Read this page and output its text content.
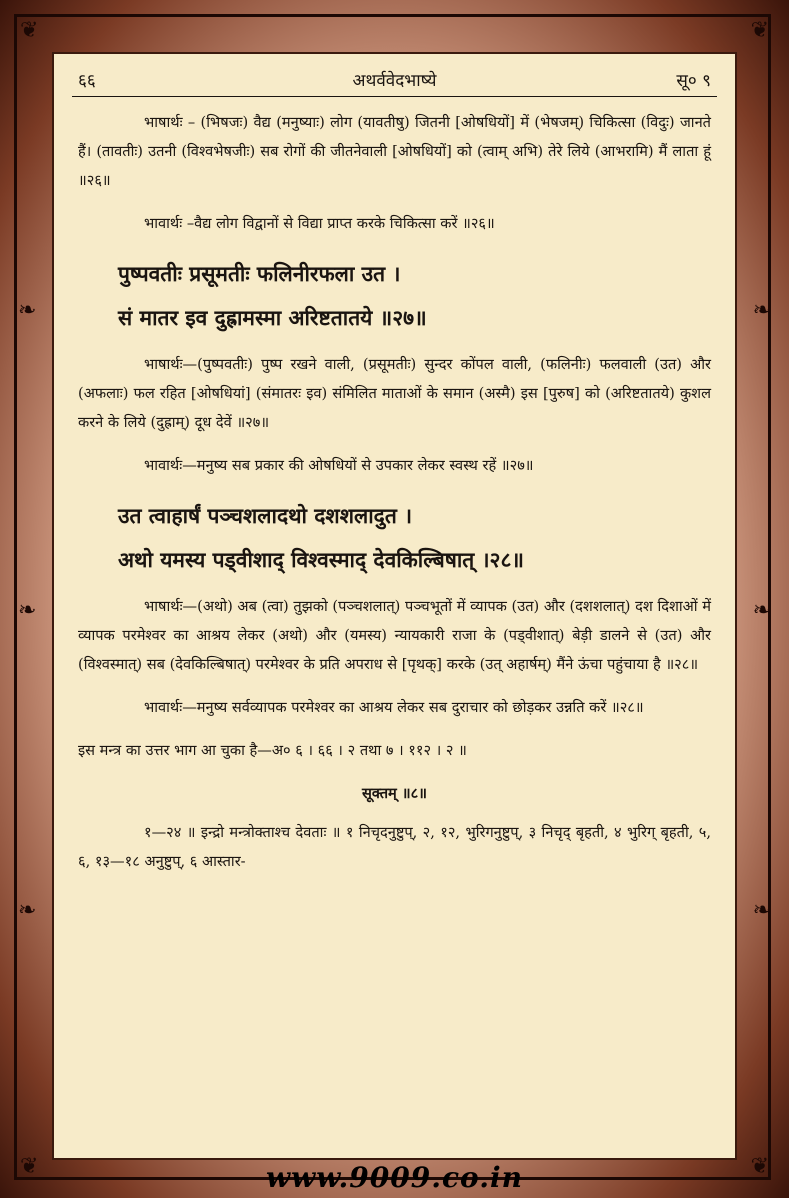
❦	❦
❦	❦
❧
❧
❧
❧
❧
❧
६६	अथर्ववेदभाष्ये	सू० ९

भाषार्थः – (भिषजः) वैद्य (मनुष्याः) लोग (यावतीषु) जितनी [ओषधियों] में (भेषजम्) चिकित्सा (विदुः) जानते हैं। (तावतीः) उतनी (विश्वभेषजीः) सब रोगों की जीतनेवाली [ओषधियों] को (त्वाम् अभि) तेरे लिये (आभरामि) मैं लाता हूं ॥२६॥

भावार्थः –वैद्य लोग विद्वानों से विद्या प्राप्त करके चिकित्सा करें ॥२६॥

पुष्पवतीः प्रसूमतीः फलिनीरफला उत ।
सं मातर इव दुह्रामस्मा अरिष्टतातये ॥२७॥

भाषार्थः—(पुष्पवतीः) पुष्प रखने वाली, (प्रसूमतीः) सुन्दर कोंपल वाली, (फलिनीः) फलवाली (उत) और (अफलाः) फल रहित [ओषधियां] (संमातरः इव) संमिलित माताओं के समान (अस्मै) इस [पुरुष] को (अरिष्टतातये) कुशल करने के लिये (दुह्राम्) दूध देवें ॥२७॥

भावार्थः—मनुष्य सब प्रकार की ओषधियों से उपकार लेकर स्वस्थ रहें ॥२७॥

उत त्वाहार्षं पञ्चशलादथो दशशलादुत ।
अथो यमस्य पड्वीशाद् विश्वस्माद् देवकिल्बिषात् ।२८॥

भाषार्थः—(अथो) अब (त्वा) तुझको (पञ्चशलात्) पञ्चभूतों में व्यापक (उत) और (दशशलात्) दश दिशाओं में व्यापक परमेश्वर का आश्रय लेकर (अथो) और (यमस्य) न्यायकारी राजा के (पड्वीशात्) बेड़ी डालने से (उत) और (विश्वस्मात्) सब (देवकिल्बिषात्) परमेश्वर के प्रति अपराध से [पृथक्] करके (उत् अहार्षम्) मैंने ऊंचा पहुंचाया है ॥२८॥

भावार्थः—मनुष्य सर्वव्यापक परमेश्वर का आश्रय लेकर सब दुराचार को छोड़कर उन्नति करें ॥२८॥

इस मन्त्र का उत्तर भाग आ चुका है—अ० ६ । ६६ । २ तथा ७ । ११२ । २ ॥

सूक्तम् ॥८॥

१—२४ ॥ इन्द्रो मन्त्रोक्ताश्च देवताः ॥ १ निचृदनुष्टुप्, २, १२, भुरिगनुष्टुप्, ३ निचृद् बृहती, ४ भुरिग् बृहती, ५, ६, १३—१८ अनुष्टुप्, ६ आस्तार-

www.9009.co.in
